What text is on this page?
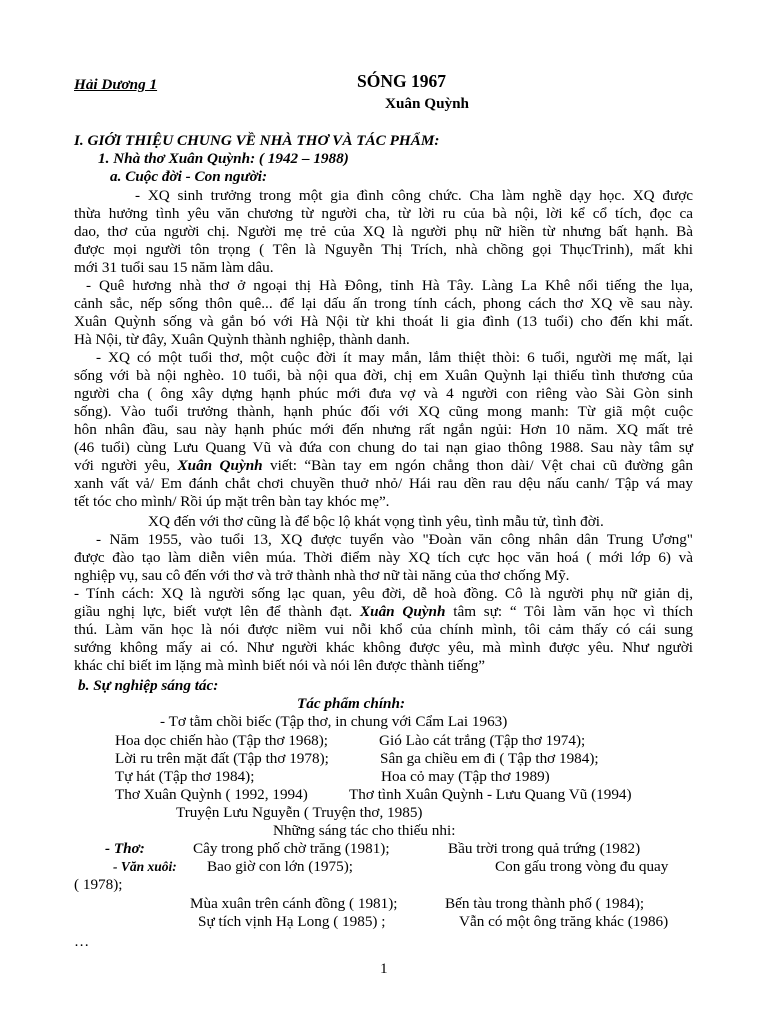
Hải Dương 1	SÓNG 1967
Xuân Quỳnh
I. GIỚI THIỆU CHUNG VỀ NHÀ THƠ VÀ TÁC PHẨM:
1. Nhà thơ Xuân Quỳnh: ( 1942 – 1988)
a. Cuộc đời - Con người:
- XQ sinh trưởng trong một gia đình công chức. Cha làm nghề dạy học. XQ được
thừa hưởng tình yêu văn chương từ người cha, từ lời ru của bà nội, lời kể cổ tích, đọc ca
dao, thơ của người chị. Người mẹ trẻ của XQ là người phụ nữ hiền từ nhưng bất hạnh. Bà
được mọi người tôn trọng ( Tên là Nguyễn Thị Trích, nhà chồng gọi ThụcTrinh), mất khi
mới 31 tuổi sau 15 năm làm dâu.
- Quê hương nhà thơ ở ngoại thị Hà Đông, tỉnh Hà Tây. Làng La Khê nổi tiếng the lụa,
cảnh sắc, nếp sống thôn quê... để lại dấu ấn trong tính cách, phong cách thơ XQ về sau này.
Xuân Quỳnh sống và gắn bó với Hà Nội từ khi thoát li gia đình (13 tuổi) cho đến khi mất.
Hà Nội, từ đây, Xuân Quỳnh thành nghiệp, thành danh.
- XQ có một tuổi thơ, một cuộc đời ít may mắn, lắm thiệt thòi: 6 tuổi, người mẹ mất, lại
sống với bà nội nghèo. 10 tuổi, bà nội qua đời, chị em Xuân Quỳnh lại thiếu tình thương của
người cha ( ông xây dựng hạnh phúc mới đưa vợ và 4 người con riêng vào Sài Gòn sinh
sống). Vào tuổi trưởng thành, hạnh phúc đối với XQ cũng mong manh: Từ giã một cuộc
hôn nhân đầu, sau này hạnh phúc mới đến nhưng rất ngắn ngủi: Hơn 10 năm. XQ mất trẻ
(46 tuổi) cùng Lưu Quang Vũ và đứa con chung do tai nạn giao thông 1988. Sau này tâm sự
với người yêu, Xuân Quỳnh viết: “Bàn tay em ngón chẳng thon dài/ Vệt chai cũ đường gân
xanh vất vả/ Em đánh chắt chơi chuyền thuở nhỏ/ Hái rau dền rau dệu nấu canh/ Tập vá may
tết tóc cho mình/ Rồi úp mặt trên bàn tay khóc mẹ”.
XQ đến với thơ cũng là để bộc lộ khát vọng tình yêu, tình mẫu tử, tình đời.
- Năm 1955, vào tuổi 13, XQ được tuyển vào "Đoàn văn công nhân dân Trung Ương"
được đào tạo làm diễn viên múa. Thời điểm này XQ tích cực học văn hoá ( mới lớp 6) và
nghiệp vụ, sau cô đến với thơ và trở thành nhà thơ nữ tài năng của thơ chống Mỹ.
- Tính cách: XQ là người sống lạc quan, yêu đời, dễ hoà đồng. Cô là người phụ nữ giản dị,
giầu nghị lực, biết vượt lên để thành đạt. Xuân Quỳnh tâm sự: “ Tôi làm văn học vì thích
thú. Làm văn học là nói được niềm vui nỗi khổ của chính mình, tôi cảm thấy có cái sung
sướng không mấy ai có. Như người khác không được yêu, mà mình được yêu. Như người
khác chỉ biết im lặng mà mình biết nói và nói lên được thành tiếng”
b. Sự nghiệp sáng tác:
Tác phẩm chính:
- Tơ tằm chồi biếc (Tập thơ, in chung với Cẩm Lai 1963)
Hoa dọc chiến hào (Tập thơ 1968);	Gió Lào cát trắng (Tập thơ 1974);
Lời ru trên mặt đất (Tập thơ 1978);	Sân ga chiều em đi ( Tập thơ 1984);
Tự hát (Tập thơ 1984);	Hoa cỏ may (Tập thơ 1989)
Thơ Xuân Quỳnh ( 1992, 1994)	Thơ tình Xuân Quỳnh - Lưu Quang Vũ (1994)
Truyện Lưu Nguyễn ( Truyện thơ, 1985)
Những sáng tác cho thiếu nhi:
- Thơ:	Cây trong phố chờ trăng (1981);	Bầu trời trong quả trứng (1982)
- Văn xuôi: Bao giờ con lớn (1975);	Con gấu trong vòng đu quay
( 1978);
Mùa xuân trên cánh đồng ( 1981);	Bến tàu trong thành phố ( 1984);
Sự tích vịnh Hạ Long ( 1985) ;	Vẫn có một ông trăng khác (1986)
…
1
